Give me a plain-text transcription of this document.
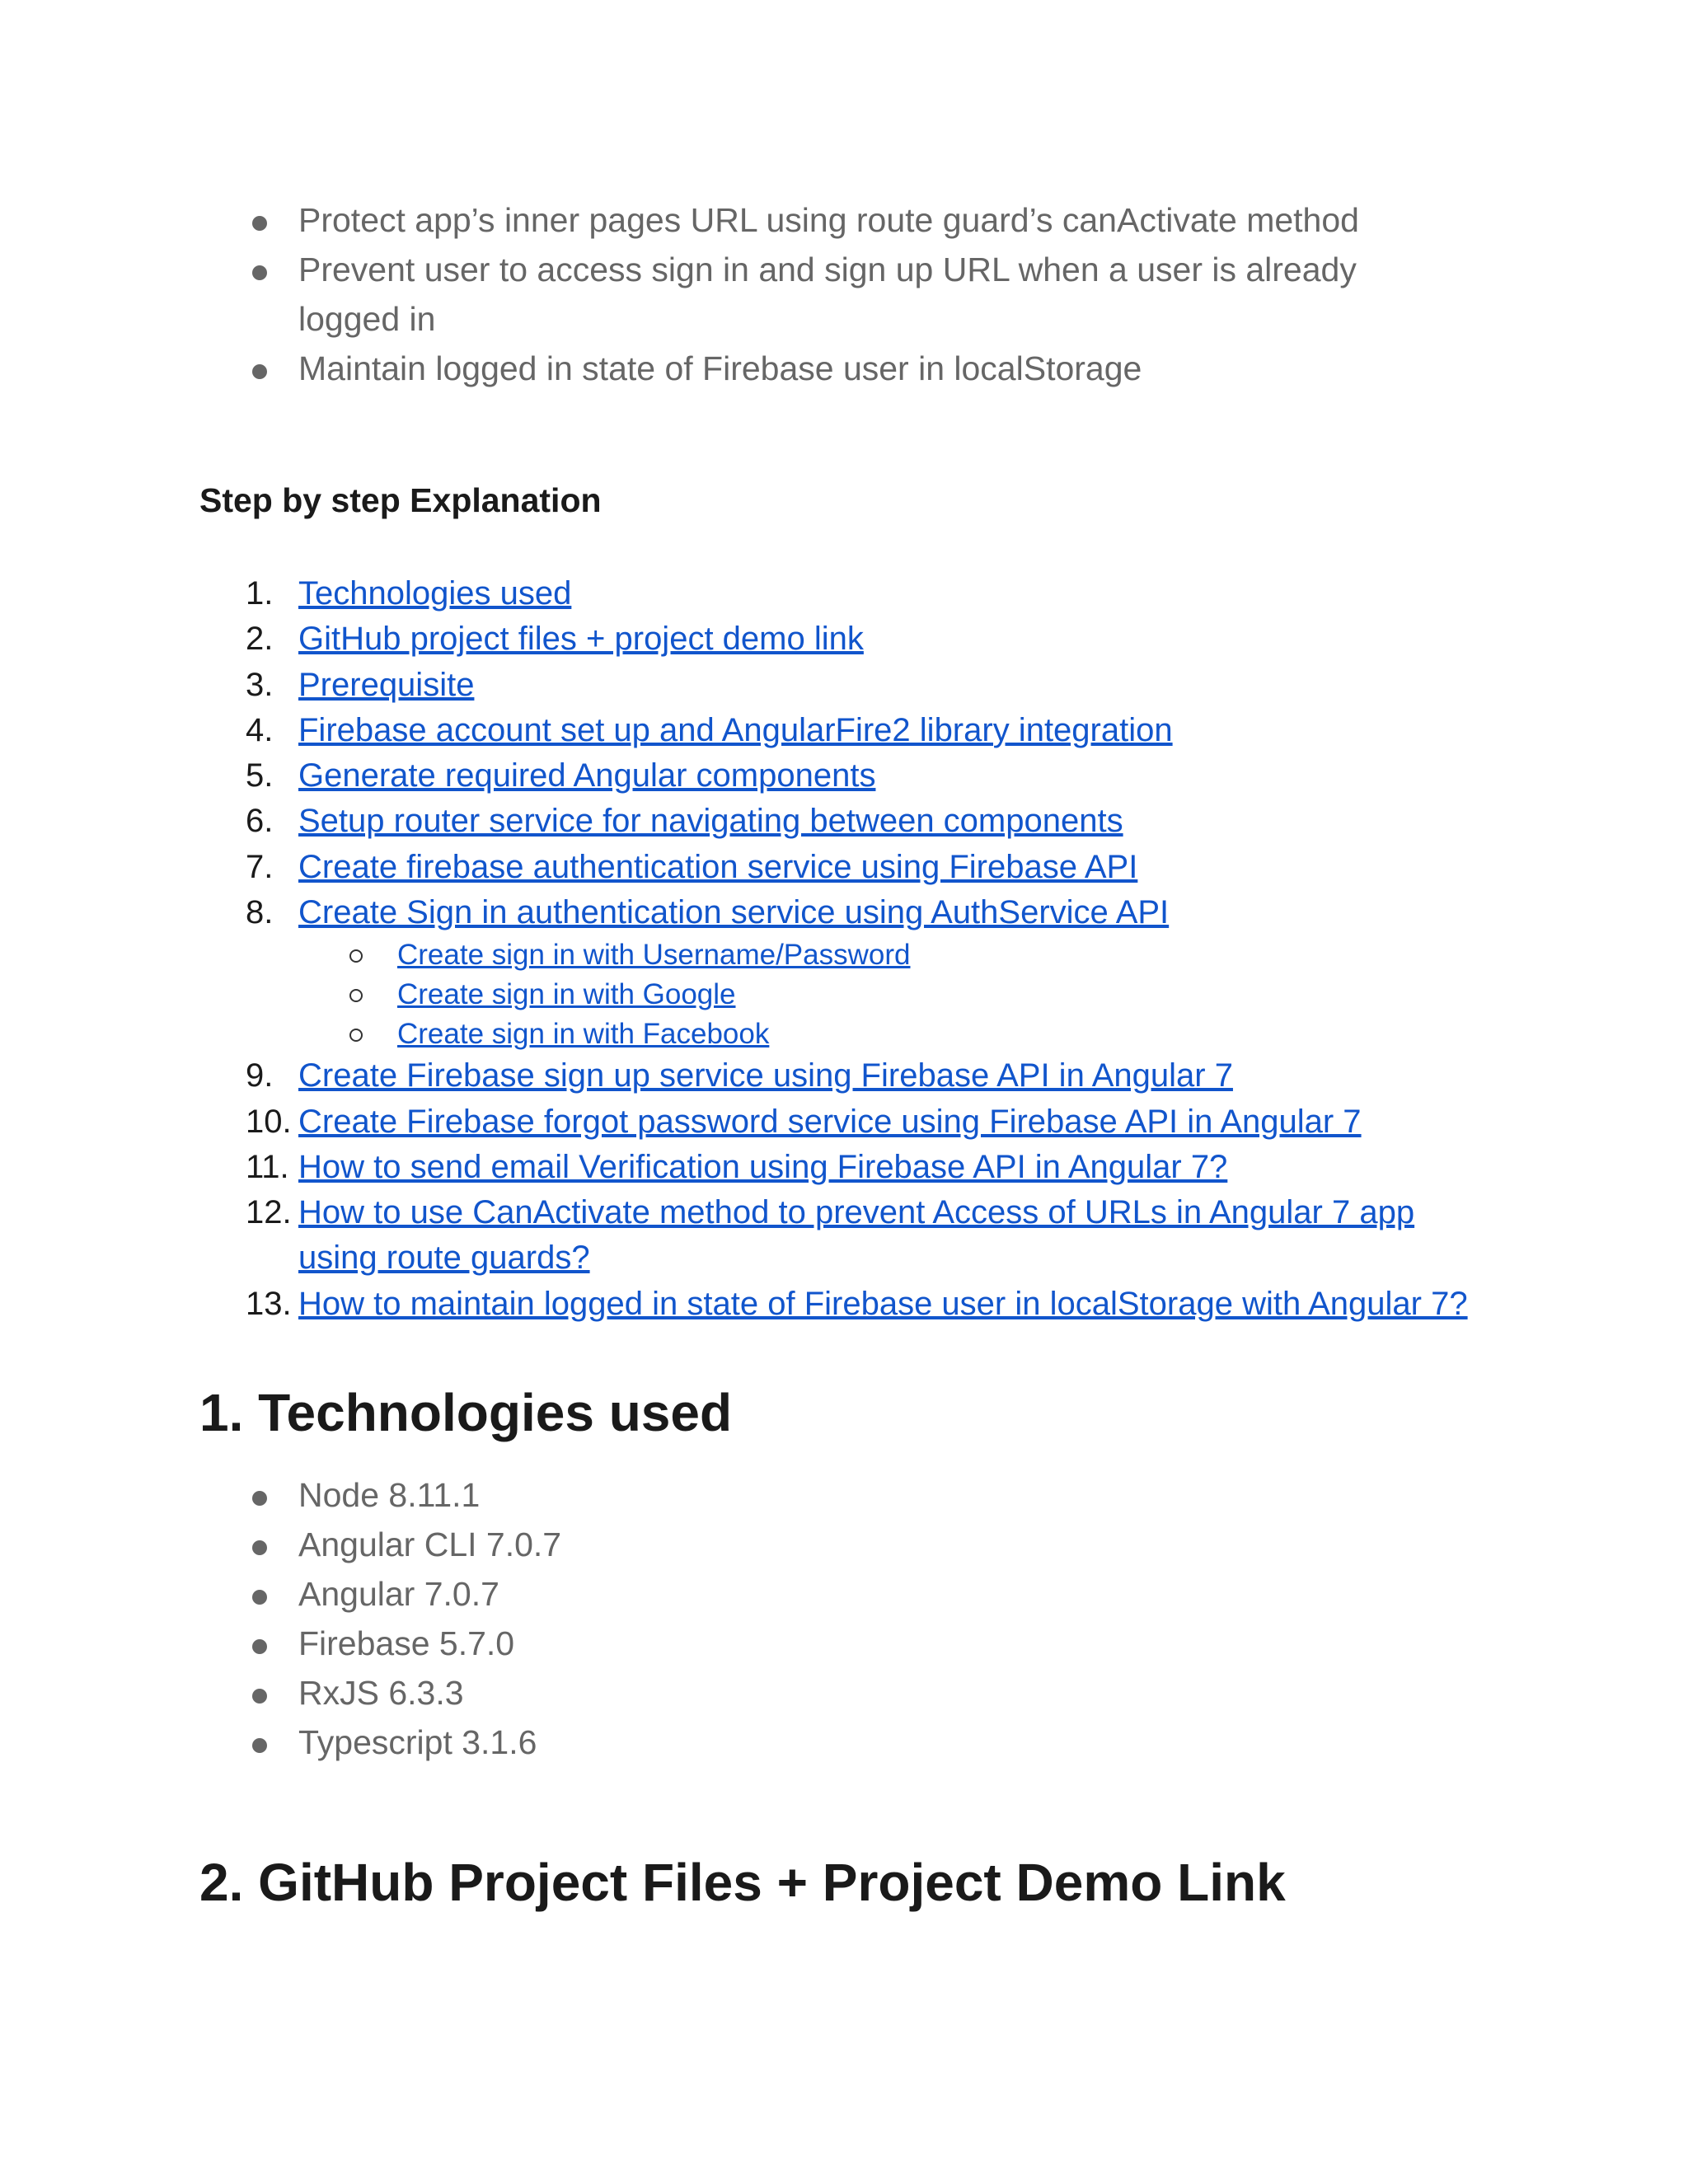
Protect app’s inner pages URL using route guard’s canActivate method
Prevent user to access sign in and sign up URL when a user is already logged in
Maintain logged in state of Firebase user in localStorage
Step by step Explanation
1. Technologies used
2. GitHub project files + project demo link
3. Prerequisite
4. Firebase account set up and AngularFire2 library integration
5. Generate required Angular components
6. Setup router service for navigating between components
7. Create firebase authentication service using Firebase API
8. Create Sign in authentication service using AuthService API
Create sign in with Username/Password
Create sign in with Google
Create sign in with Facebook
9. Create Firebase sign up service using Firebase API in Angular 7
10. Create Firebase forgot password service using Firebase API in Angular 7
11. How to send email Verification using Firebase API in Angular 7?
12. How to use CanActivate method to prevent Access of URLs in Angular 7 app using route guards?
13. How to maintain logged in state of Firebase user in localStorage with Angular 7?
1. Technologies used
Node 8.11.1
Angular CLI 7.0.7
Angular 7.0.7
Firebase 5.7.0
RxJS 6.3.3
Typescript 3.1.6
2. GitHub Project Files + Project Demo Link
